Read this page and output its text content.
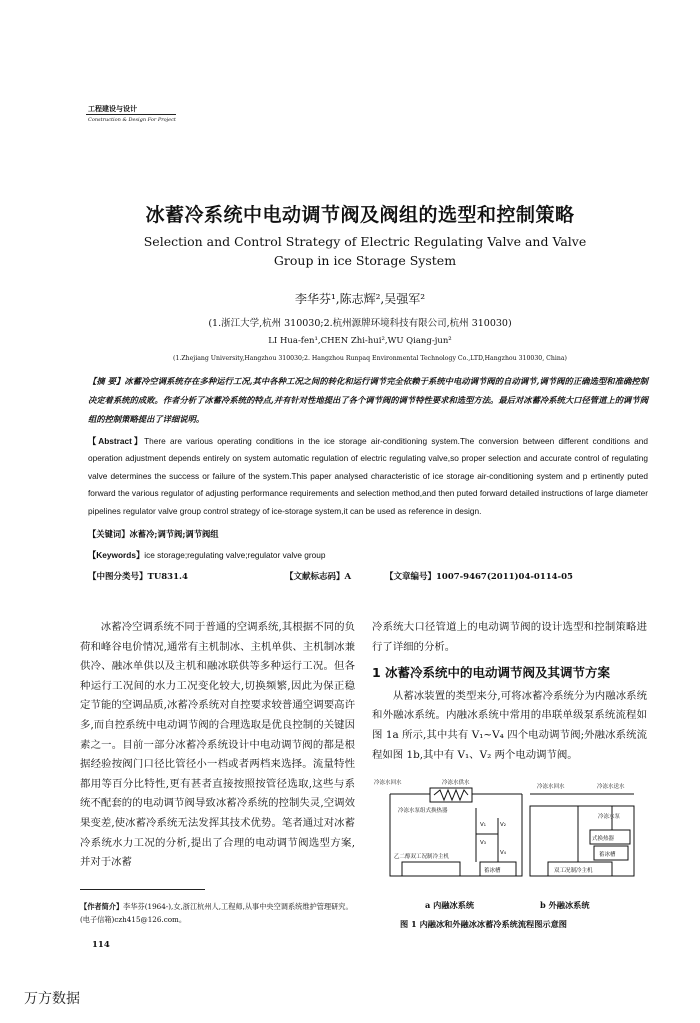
工程建设与设计
Construction & Design For Project
冰蓄冷系统中电动调节阀及阀组的选型和控制策略
Selection and Control Strategy of Electric Regulating Valve and Valve Group in ice Storage System
李华芬¹,陈志辉²,吴强军²
(1.浙江大学,杭州 310030;2.杭州源牌环境科技有限公司,杭州 310030)
LI Hua-fen¹,CHEN Zhi-hui²,WU Qiang-jun²
(1.Zhejiang University,Hangzhou 310030;2. Hangzhou Runpaq Environmental Technology Co.,LTD,Hangzhou 310030, China)
【摘 要】冰蓄冷空调系统存在多种运行工况,其中各种工况之间的转化和运行调节完全依赖于系统中电动调节阀的自动调节,调节阀的正确选型和准确控制决定着系统的成败。作者分析了冰蓄冷系统的特点,并有针对性地提出了各个调节阀的调节特性要求和选型方法。最后对冰蓄冷系统大口径管道上的调节阀组的控制策略提出了详细说明。
【Abstract】There are various operating conditions in the ice storage air-conditioning system.The conversion between different conditions and operation adjustment depends entirely on system automatic regulation of electric regulating valve,so proper selection and accurate control of regulating valve determines the success or failure of the system.This paper analysed characteristic of ice storage air-conditioning system and p ertinently puted forward the various regulator of adjusting performance requirements and selection method,and then puted forward detailed instructions of large diameter pipelines regulator valve group control strategy of ice-storage system,it can be used as reference in design.
【关键词】冰蓄冷;调节阀;调节阀组
【Keywords】ice storage;regulating valve;regulator valve group
【中图分类号】TU831.4	【文献标志码】A	【文章编号】1007-9467(2011)04-0114-05

冰蓄冷空调系统不同于普通的空调系统,其根据不同的负荷和峰谷电价情况,通常有主机制冰、主机单供、主机制冰兼供冷、融冰单供以及主机和融冰联供等多种运行工况。但各种运行工况间的水力工况变化较大,切换频繁,因此为保正稳定节能的空调品质,冰蓄冷系统对自控要求较普通空调要高许多,而自控系统中电动调节阀的合理选取是优良控制的关键因素之一。目前一部分冰蓄冷系统设计中电动调节阀的都是根据经验按阀门口径比管径小一档或者两档来选择。流量特性都用等百分比特性,更有甚者直接按照按管径选取,这些与系统不配套的的电动调节阀导致冰蓄冷系统的控制失灵,空调效果变差,使冰蓄冷系统无法发挥其技术优势。笔者通过对冰蓄冷系统水力工况的分析,提出了合理的电动调节阀选型方案,并对于冰蓄

冷系统大口径管道上的电动调节阀的设计选型和控制策略进行了详细的分析。

1 冰蓄冷系统中的电动调节阀及其调节方案

从蓄冰装置的类型来分,可将冰蓄冷系统分为内融冰系统和外融冰系统。内融冰系统中常用的串联单级泵系统流程如图 1a 所示,其中共有 V₁~V₄ 四个电动调节阀;外融冰系统流程如图 1b,其中有 V₁、V₂ 两个电动调节阀。

冷冻水回水	冷冻水供水
冷冻水泵组式换热器
乙二醇双工况制冷主机
蓄冰槽
V₁	V₂
V₃
V₄
冷冻水回水	冷冻水送水
冷冻水泵
式换热器
蓄冰槽
双工况制冷主机
a 内融冰系统	b 外融冰系统
图 1 内融冰和外融冰冰蓄冷系统流程图示意图
【作者简介】李华芬(1964-),女,浙江杭州人,工程师,从事中央空调系统维护管理研究。(电子信箱)czh415@126.com。
114
万方数据
